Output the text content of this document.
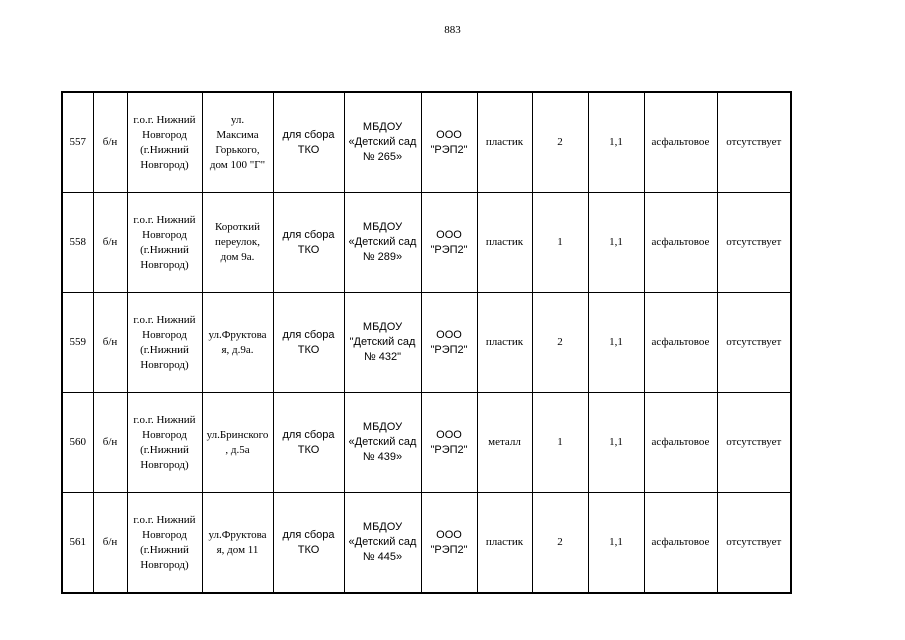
883
557	б/н	г.о.г. Нижний
Новгород
(г.Нижний
Новгород)	ул.
Максима
Горького,
дом 100 "Г"	для сбора
ТКО	МБДОУ
«Детский сад
№ 265»	ООО
"РЭП2"	пластик	2	1,1	асфальтовое	отсутствует
558	б/н	г.о.г. Нижний
Новгород
(г.Нижний
Новгород)	Короткий
переулок,
дом 9а.	для сбора
ТКО	МБДОУ
«Детский сад
№ 289»	ООО
"РЭП2"	пластик	1	1,1	асфальтовое	отсутствует
559	б/н	г.о.г. Нижний
Новгород
(г.Нижний
Новгород)	ул.Фруктова
я, д.9а.	для сбора
ТКО	МБДОУ
"Детский сад
№ 432"	ООО
"РЭП2"	пластик	2	1,1	асфальтовое	отсутствует
560	б/н	г.о.г. Нижний
Новгород
(г.Нижний
Новгород)	ул.Бринского
, д.5а	для сбора
ТКО	МБДОУ
«Детский сад
№ 439»	ООО
"РЭП2"	металл	1	1,1	асфальтовое	отсутствует
561	б/н	г.о.г. Нижний
Новгород
(г.Нижний
Новгород)	ул.Фруктова
я, дом 11	для сбора
ТКО	МБДОУ
«Детский сад
№ 445»	ООО
"РЭП2"	пластик	2	1,1	асфальтовое	отсутствует
